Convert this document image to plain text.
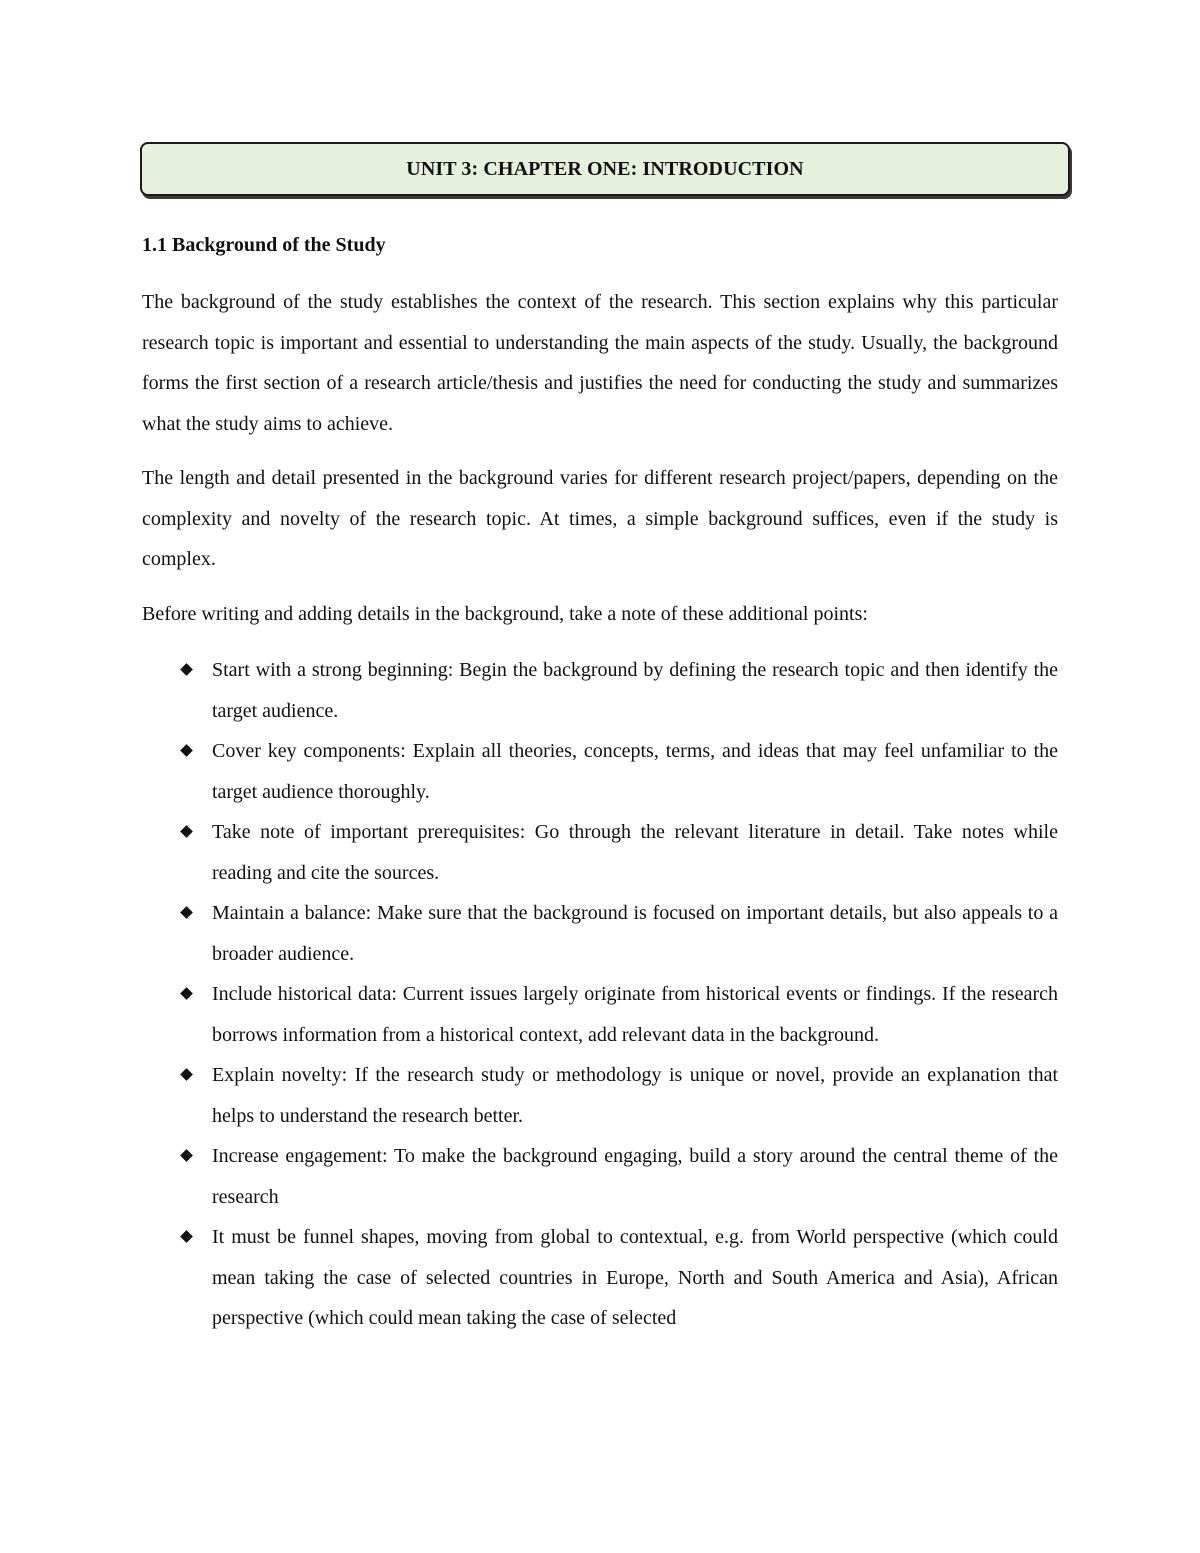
UNIT 3: CHAPTER ONE: INTRODUCTION
1.1 Background of the Study

The background of the study establishes the context of the research. This section explains why this particular research topic is important and essential to understanding the main aspects of the study. Usually, the background forms the first section of a research article/thesis and justifies the need for conducting the study and summarizes what the study aims to achieve.

The length and detail presented in the background varies for different research project/papers, depending on the complexity and novelty of the research topic. At times, a simple background suffices, even if the study is complex.

Before writing and adding details in the background, take a note of these additional points:

Start with a strong beginning: Begin the background by defining the research topic and then identify the target audience.
Cover key components: Explain all theories, concepts, terms, and ideas that may feel unfamiliar to the target audience thoroughly.
Take note of important prerequisites: Go through the relevant literature in detail. Take notes while reading and cite the sources.
Maintain a balance: Make sure that the background is focused on important details, but also appeals to a broader audience.
Include historical data: Current issues largely originate from historical events or findings. If the research borrows information from a historical context, add relevant data in the background.
Explain novelty: If the research study or methodology is unique or novel, provide an explanation that helps to understand the research better.
Increase engagement: To make the background engaging, build a story around the central theme of the research
It must be funnel shapes, moving from global to contextual, e.g. from World perspective (which could mean taking the case of selected countries in Europe, North and South America and Asia), African perspective (which could mean taking the case of selected
